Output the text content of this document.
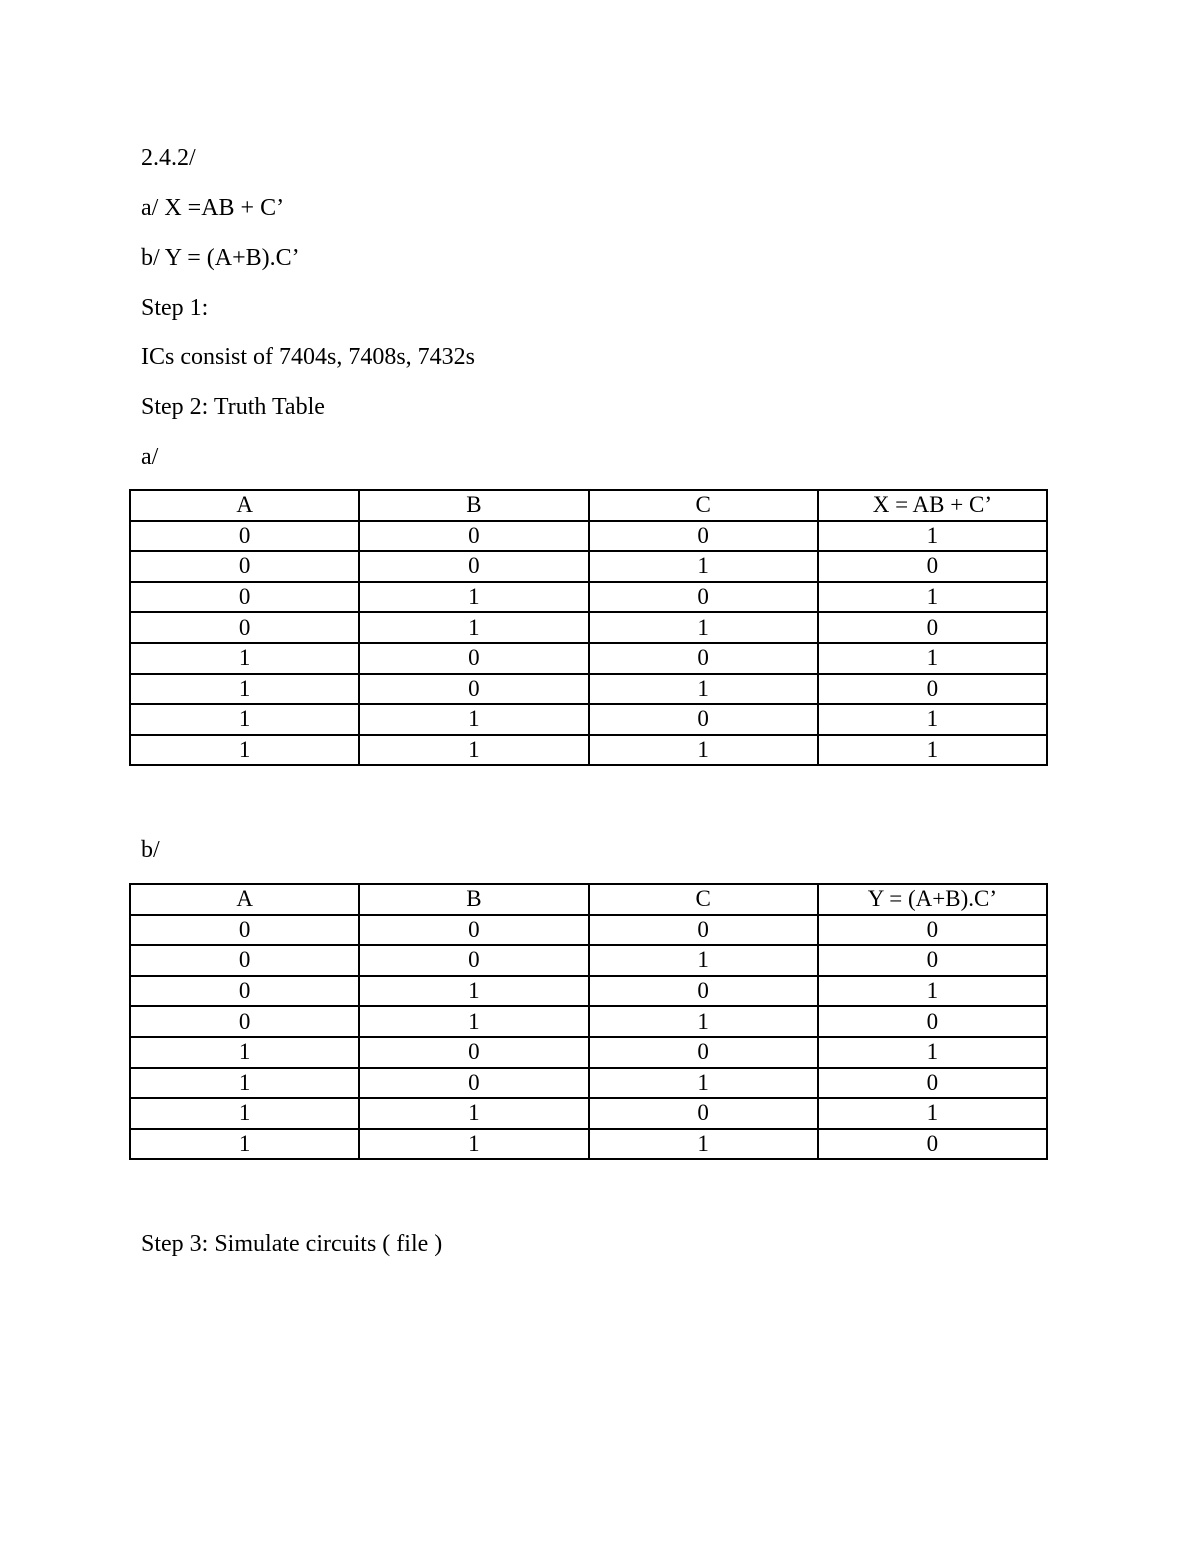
2.4.2/
a/ X =AB + C’
b/ Y = (A+B).C’
Step 1:
ICs consist of 7404s, 7408s, 7432s
Step 2: Truth Table
a/
A	B	C	X = AB + C’
0	0	0	1
0	0	1	0
0	1	0	1
0	1	1	0
1	0	0	1
1	0	1	0
1	1	0	1
1	1	1	1
b/
A	B	C	Y = (A+B).C’
0	0	0	0
0	0	1	0
0	1	0	1
0	1	1	0
1	0	0	1
1	0	1	0
1	1	0	1
1	1	1	0
Step 3: Simulate circuits ( file )
